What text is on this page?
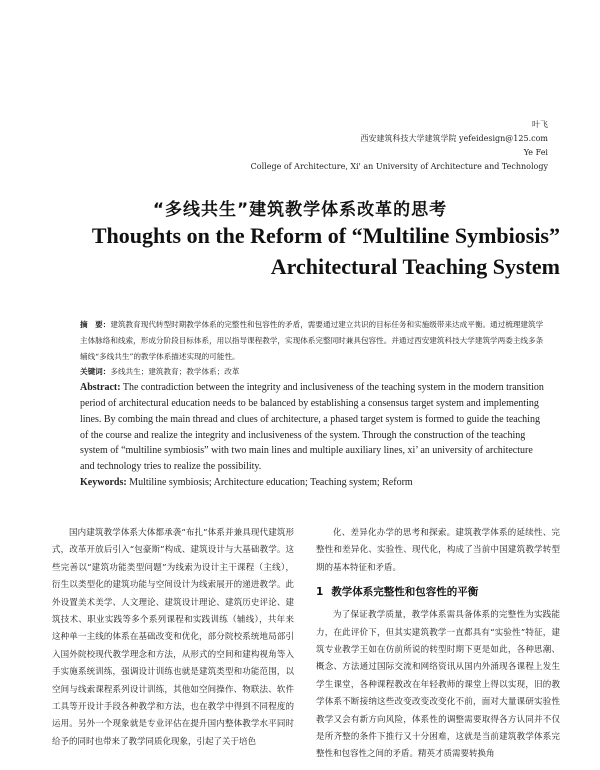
叶飞
西安建筑科技大学建筑学院 yefeidesign@125.com
Ye Fei
College of Architecture, Xi' an University of Architecture and Technology
“多线共生”建筑教学体系改革的思考
Thoughts on the Reform of “Multiline Symbiosis”
Architectural Teaching System

摘　要：建筑教育现代转型时期教学体系的完整性和包容性的矛盾，需要通过建立共识的目标任务和实施级带来达成平衡。通过梳理建筑学主体脉络和线索，形成分阶段目标体系，用以指导课程教学，实现体系完整同时兼具包容性。并通过西安建筑科技大学建筑学两委主线多条辅线“多线共生”的教学体系描述实现的可能性。

关键词：多线共生；建筑教育；教学体系；改革

Abstract: The contradiction between the integrity and inclusiveness of the teaching system in the modern transition period of architectural education needs to be balanced by establishing a consensus target system and implementing lines. By combing the main thread and clues of architecture, a phased target system is formed to guide the teaching of the course and realize the integrity and inclusiveness of the system. Through the construction of the teaching system of “multiline symbiosis” with two main lines and multiple auxiliary lines, xi’ an university of architecture and technology tries to realize the possibility.

Keywords: Multiline symbiosis; Architecture education; Teaching system; Reform

国内建筑教学体系大体都承袭“布扎”体系并兼具现代建筑形式，改革开放后引入“包豪斯”构成、建筑设计与大基础教学。这些完善以“建筑功能类型问题”为线索为设计主干课程（主线），衍生以类型化的建筑功能与空间设计为线索展开的递进教学。此外设置美术美学、人文理论、建筑设计理论、建筑历史评论、建筑技术、职业实践等多个系列课程和实践训练（辅线），共年来这种单一主线的体系在基础改变和优化，部分院校系统地局部引入国外院校现代教学理念和方法，从形式的空间和建构视角等入手实施系统训练，强调设计训练也就是建筑类型和功能范围，以空间与线索课程系列设计训练，其他如空间操作、物联法、软件工具等开设计手段各种教学和方法，也在教学中得到不同程度的运用。另外一个现象就是专业评估在提升国内整体教学水平同时给予的同时也带来了教学同质化现象，引起了关于培色

化、差异化办学的思考和探索。建筑教学体系的延续性、完整性和差异化、实验性、现代化，构成了当前中国建筑教学转型期的基本特征和矛盾。

1 教学体系完整性和包容性的平衡

为了保证教学质量，教学体系需具备体系的完整性为实践能力，在此评价下，但其实建筑教学一直都具有“实验性”特征，建筑专业教学王如在仿前所说的转型时期下更是如此，各种思潮、概念、方法通过国际交流和网络资讯从国内外涌现各课程上发生学生课堂，各种课程教改在年轻教师的课堂上得以实现，旧的教学体系不断接纳这些改变改变改变化不前，面对大量课研实验性教学又会有新方向风险，体系性的调整需要取得各方认同并不仅是所齐整的条件下推行又十分困难，这就是当前建筑教学体系完整性和包容性之间的矛盾。精英才质需要转换角
